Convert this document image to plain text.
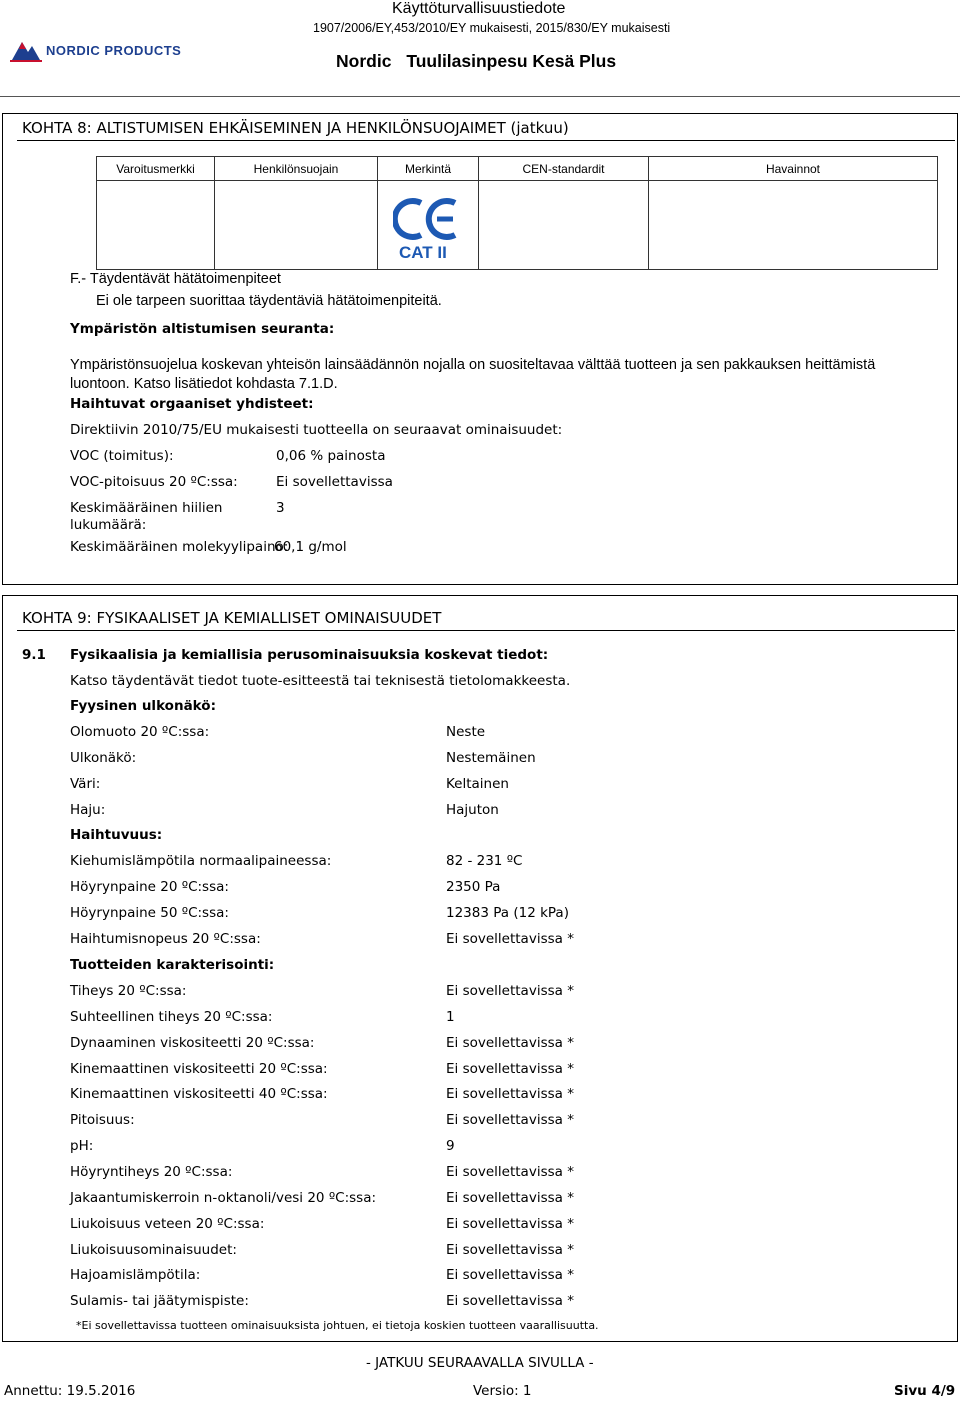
NORDIC PRODUCTS
Käyttöturvallisuustiedote
1907/2006/EY,453/2010/EY mukaisesti, 2015/830/EY mukaisesti
Nordic Tuulilasinpesu Kesä Plus
KOHTA 8: ALTISTUMISEN EHKÄISEMINEN JA HENKILÖNSUOJAIMET (jatkuu)
Varoitusmerkki	Henkilönsuojain	Merkintä	CEN-standardit	Havainnot
CAT II
F.- Täydentävät hätätoimenpiteet
Ei ole tarpeen suorittaa täydentäviä hätätoimenpiteitä.
Ympäristön altistumisen seuranta:
Ympäristönsuojelua koskevan yhteisön lainsäädännön nojalla on suositeltavaa välttää tuotteen ja sen pakkauksen heittämistä
luontoon. Katso lisätiedot kohdasta 7.1.D.
Haihtuvat orgaaniset yhdisteet:
Direktiivin 2010/75/EU mukaisesti tuotteella on seuraavat ominaisuudet:
VOC (toimitus):	0,06 % painosta
VOC-pitoisuus 20 ºC:ssa:	Ei sovellettavissa
Keskimääräinen hiilien
lukumäärä:
3
Keskimääräinen molekyylipaino:
60,1 g/mol
KOHTA 9: FYSIKAALISET JA KEMIALLISET OMINAISUUDET
9.1 Fysikaalisia ja kemiallisia perusominaisuuksia koskevat tiedot:
Katso täydentävät tiedot tuote-esitteestä tai teknisestä tietolomakkeesta.
Fyysinen ulkonäkö:
Olomuoto 20 ºC:ssa:	Neste
Ulkonäkö:	Nestemäinen
Väri:	Keltainen
Haju:	Hajuton
Haihtuvuus:
Kiehumislämpötila normaalipaineessa:	82 - 231 ºC
Höyrynpaine 20 ºC:ssa:	2350 Pa
Höyrynpaine 50 ºC:ssa:	12383 Pa (12 kPa)
Haihtumisnopeus 20 ºC:ssa:	Ei sovellettavissa *
Tuotteiden karakterisointi:
Tiheys 20 ºC:ssa:	Ei sovellettavissa *
Suhteellinen tiheys 20 ºC:ssa:	1
Dynaaminen viskositeetti 20 ºC:ssa:	Ei sovellettavissa *
Kinemaattinen viskositeetti 20 ºC:ssa:	Ei sovellettavissa *
Kinemaattinen viskositeetti 40 ºC:ssa:	Ei sovellettavissa *
Pitoisuus:	Ei sovellettavissa *
pH:	9
Höyryntiheys 20 ºC:ssa:	Ei sovellettavissa *
Jakaantumiskerroin n-oktanoli/vesi 20 ºC:ssa:	Ei sovellettavissa *
Liukoisuus veteen 20 ºC:ssa:	Ei sovellettavissa *
Liukoisuusominaisuudet:	Ei sovellettavissa *
Hajoamislämpötila:	Ei sovellettavissa *
Sulamis- tai jäätymispiste:	Ei sovellettavissa *
*Ei sovellettavissa tuotteen ominaisuuksista johtuen, ei tietoja koskien tuotteen vaarallisuutta.
- JATKUU SEURAAVALLA SIVULLA -
Annettu: 19.5.2016	Versio: 1	Sivu 4/9
